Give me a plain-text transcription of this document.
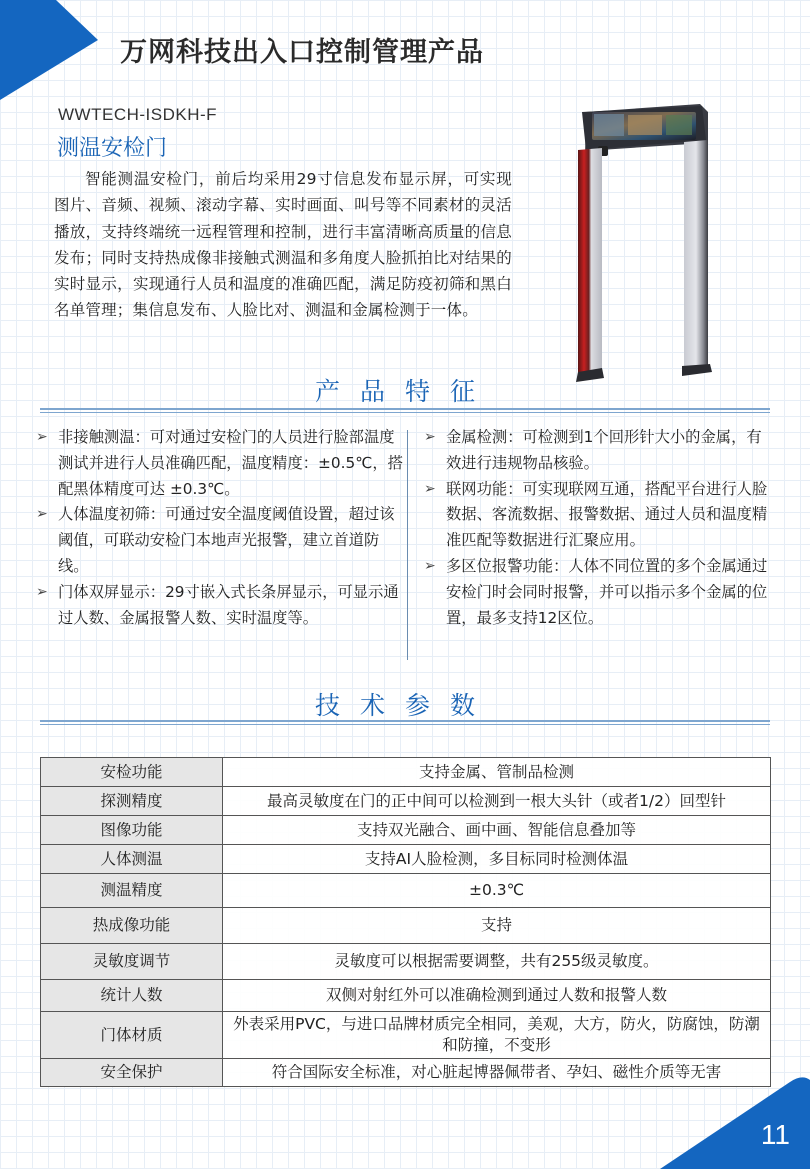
万网科技出入口控制管理产品
WWTECH-ISDKH-F
测温安检门

智能测温安检门，前后均采用29寸信息发布显示屏，可实现图片、音频、视频、滚动字幕、实时画面、叫号等不同素材的灵活播放，支持终端统一远程管理和控制，进行丰富清晰高质量的信息发布；同时支持热成像非接触式测温和多角度人脸抓拍比对结果的实时显示，实现通行人员和温度的准确匹配，满足防疫初筛和黑白名单管理；集信息发布、人脸比对、测温和金属检测于一体。

产品特征
➢ 非接触测温：可对通过安检门的人员进行脸部温度测试并进行人员准确匹配，温度精度：±0.5℃，搭配黑体精度可达 ±0.3℃。
➢ 人体温度初筛：可通过安全温度阈值设置，超过该阈值，可联动安检门本地声光报警，建立首道防线。
➢ 门体双屏显示：29寸嵌入式长条屏显示，可显示通过人数、金属报警人数、实时温度等。
➢ 金属检测：可检测到1个回形针大小的金属，有效进行违规物品核验。
➢ 联网功能：可实现联网互通，搭配平台进行人脸数据、客流数据、报警数据、通过人员和温度精准匹配等数据进行汇聚应用。
➢ 多区位报警功能：人体不同位置的多个金属通过安检门时会同时报警，并可以指示多个金属的位置，最多支持12区位。
技术参数
安检功能	支持金属、管制品检测
探测精度	最高灵敏度在门的正中间可以检测到一根大头针（或者1/2）回型针
图像功能	支持双光融合、画中画、智能信息叠加等
人体测温	支持AI人脸检测，多目标同时检测体温
测温精度	±0.3℃
热成像功能	支持
灵敏度调节	灵敏度可以根据需要调整，共有255级灵敏度。
统计人数	双侧对射红外可以准确检测到通过人数和报警人数
门体材质	外表采用PVC，与进口品牌材质完全相同，美观，大方，防火，防腐蚀，防潮和防撞，不变形
安全保护	符合国际安全标准，对心脏起博器佩带者、孕妇、磁性介质等无害
11
